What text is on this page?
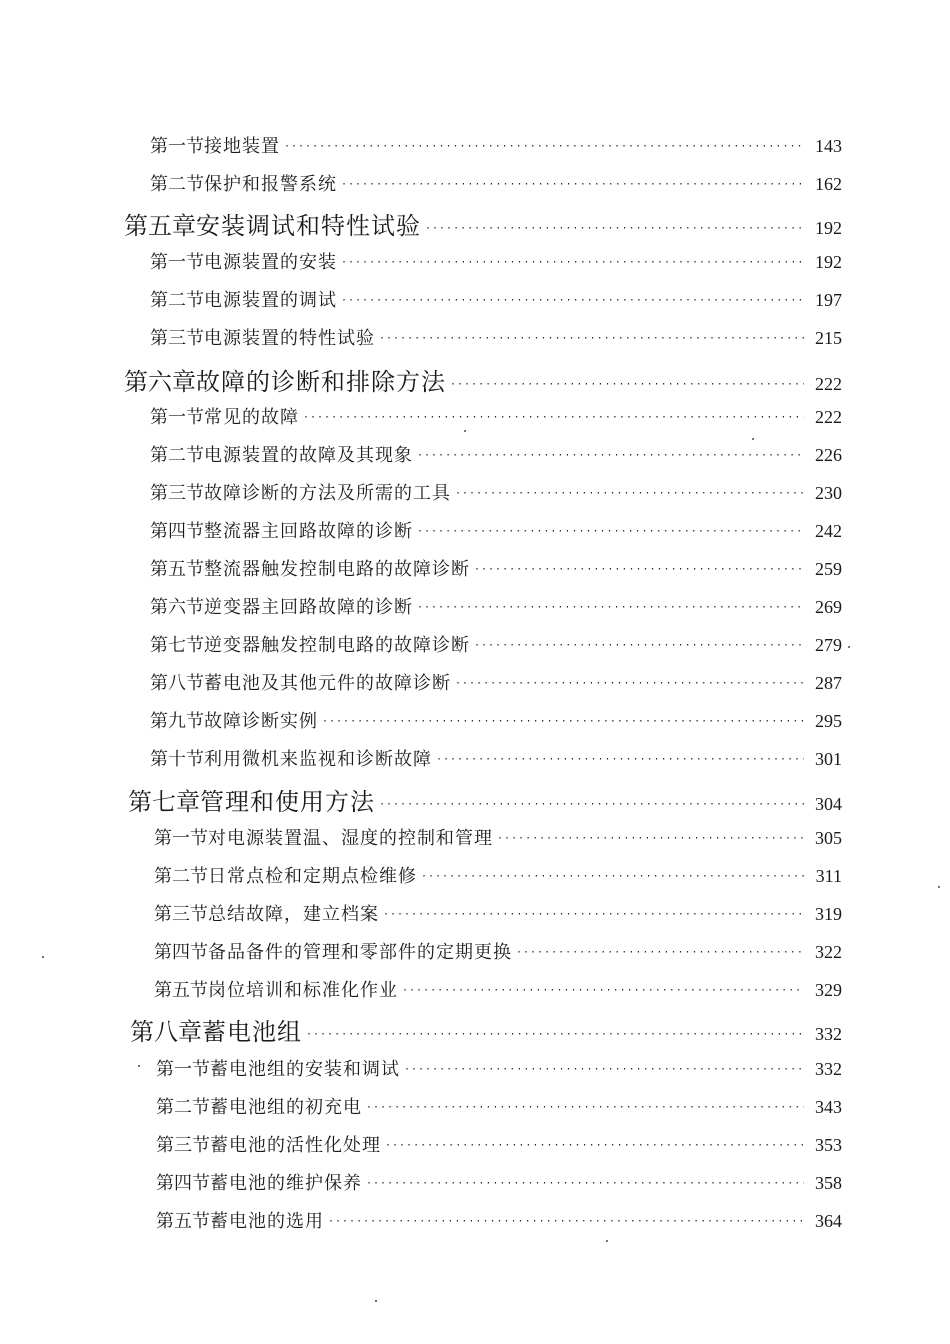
第一节 接地装置 ·····	143
第二节 保护和报警系统 ·····	162
第五章 安装调试和特性试验 ·····	192
第一节 电源装置的安装 ·····	192
第二节 电源装置的调试 ·····	197
第三节 电源装置的特性试验 ·····	215
第六章 故障的诊断和排除方法 ·····	222
第一节 常见的故障 ·····	222
第二节 电源装置的故障及其现象 ·····	226
第三节 故障诊断的方法及所需的工具 ·····	230
第四节 整流器主回路故障的诊断 ·····	242
第五节 整流器触发控制电路的故障诊断 ·····	259
第六节 逆变器主回路故障的诊断 ·····	269
第七节 逆变器触发控制电路的故障诊断 ·····	279
第八节 蓄电池及其他元件的故障诊断 ·····	287
第九节 故障诊断实例 ·····	295
第十节 利用微机来监视和诊断故障 ·····	301
第七章 管理和使用方法 ·····	304
第一节 对电源装置温、湿度的控制和管理 ·····	305
第二节 日常点检和定期点检维修 ·····	311
第三节 总结故障，建立档案 ·····	319
第四节 备品备件的管理和零部件的定期更换 ·····	322
第五节 岗位培训和标准化作业 ·····	329
第八章 蓄电池组 ·····	332
第一节 蓄电池组的安装和调试 ·····	332
第二节 蓄电池组的初充电 ·····	343
第三节 蓄电池的活性化处理 ·····	353
第四节 蓄电池的维护保养 ·····	358
第五节 蓄电池的选用 ·····	364
